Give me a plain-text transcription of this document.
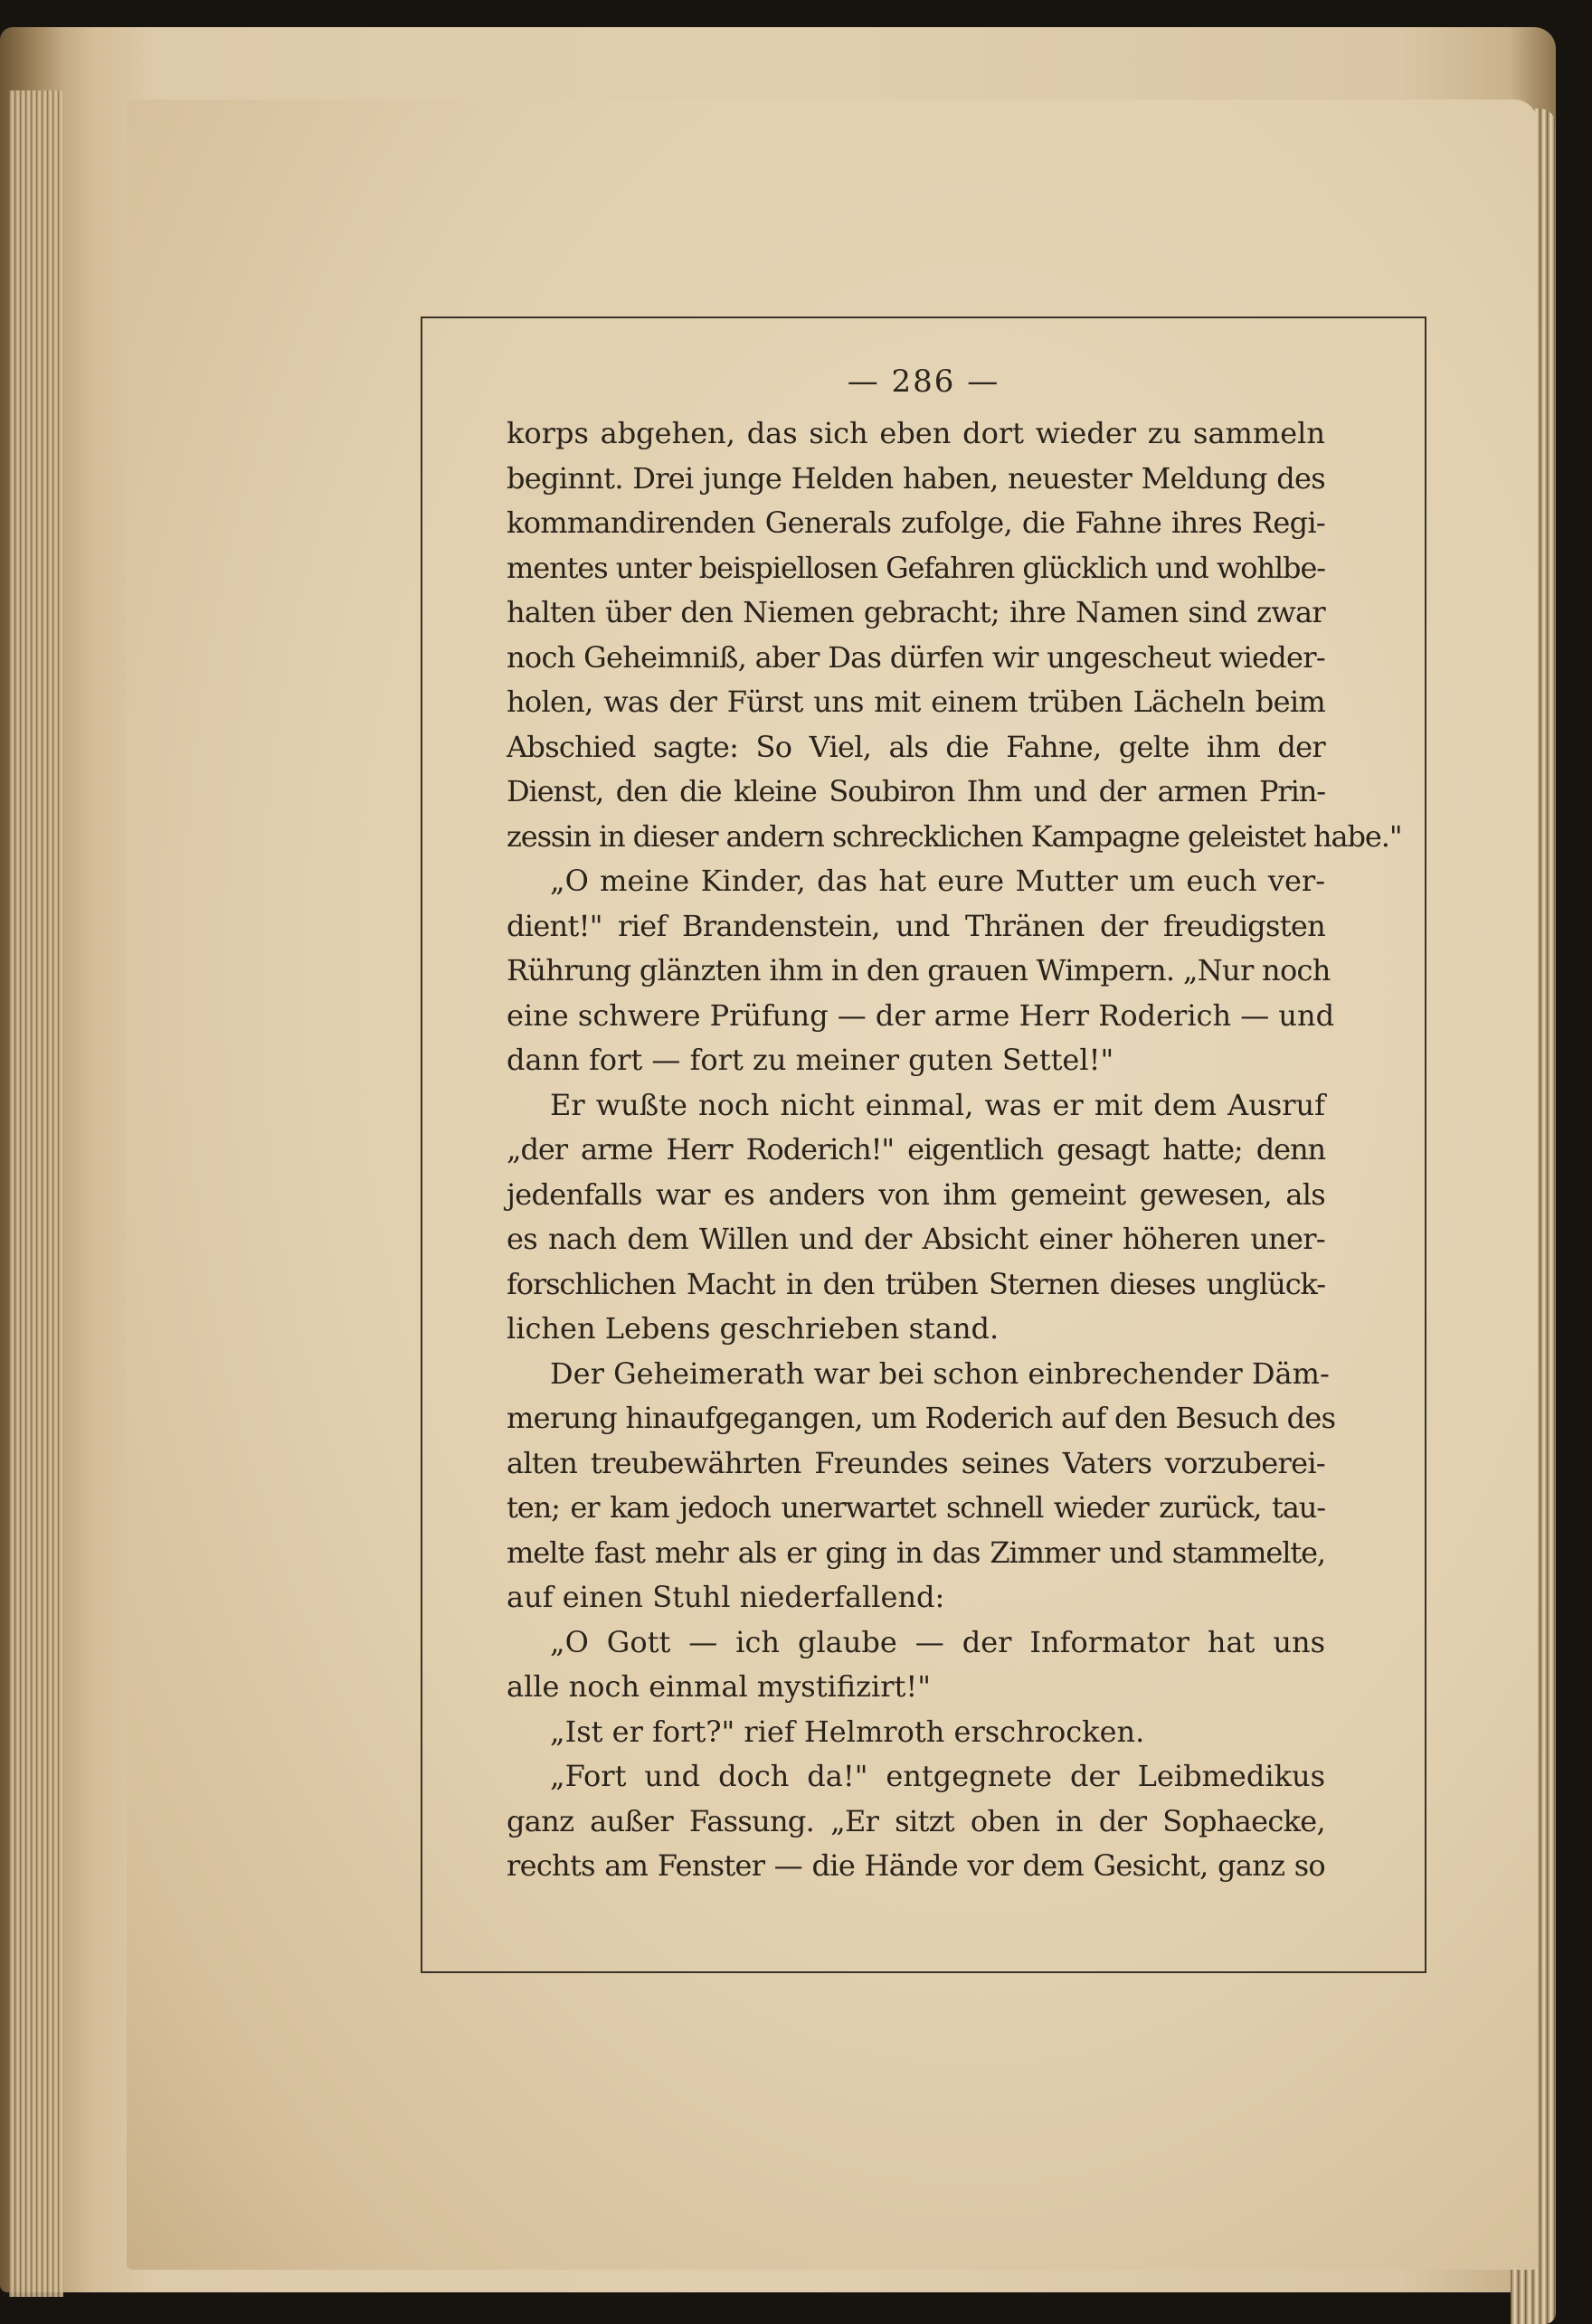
— 286 —
korps abgehen, das sich eben dort wieder zu sammeln
beginnt. Drei junge Helden haben, neuester Meldung des
kommandirenden Generals zufolge, die Fahne ihres Regi-
mentes unter beispiellosen Gefahren glücklich und wohlbe-
halten über den Niemen gebracht; ihre Namen sind zwar
noch Geheimniß, aber Das dürfen wir ungescheut wieder-
holen, was der Fürst uns mit einem trüben Lächeln beim
Abschied sagte: So Viel, als die Fahne, gelte ihm der
Dienst, den die kleine Soubiron Ihm und der armen Prin-
zessin in dieser andern schrecklichen Kampagne geleistet habe."
„O meine Kinder, das hat eure Mutter um euch ver-
dient!" rief Brandenstein, und Thränen der freudigsten
Rührung glänzten ihm in den grauen Wimpern. „Nur noch
eine schwere Prüfung — der arme Herr Roderich — und
dann fort — fort zu meiner guten Settel!"
Er wußte noch nicht einmal, was er mit dem Ausruf
„der arme Herr Roderich!" eigentlich gesagt hatte; denn
jedenfalls war es anders von ihm gemeint gewesen, als
es nach dem Willen und der Absicht einer höheren uner-
forschlichen Macht in den trüben Sternen dieses unglück-
lichen Lebens geschrieben stand.
Der Geheimerath war bei schon einbrechender Däm-
merung hinaufgegangen, um Roderich auf den Besuch des
alten treubewährten Freundes seines Vaters vorzuberei-
ten; er kam jedoch unerwartet schnell wieder zurück, tau-
melte fast mehr als er ging in das Zimmer und stammelte,
auf einen Stuhl niederfallend:
„O Gott — ich glaube — der Informator hat uns
alle noch einmal mystifizirt!"
„Ist er fort?" rief Helmroth erschrocken.
„Fort und doch da!" entgegnete der Leibmedikus
ganz außer Fassung. „Er sitzt oben in der Sophaecke,
rechts am Fenster — die Hände vor dem Gesicht, ganz so
